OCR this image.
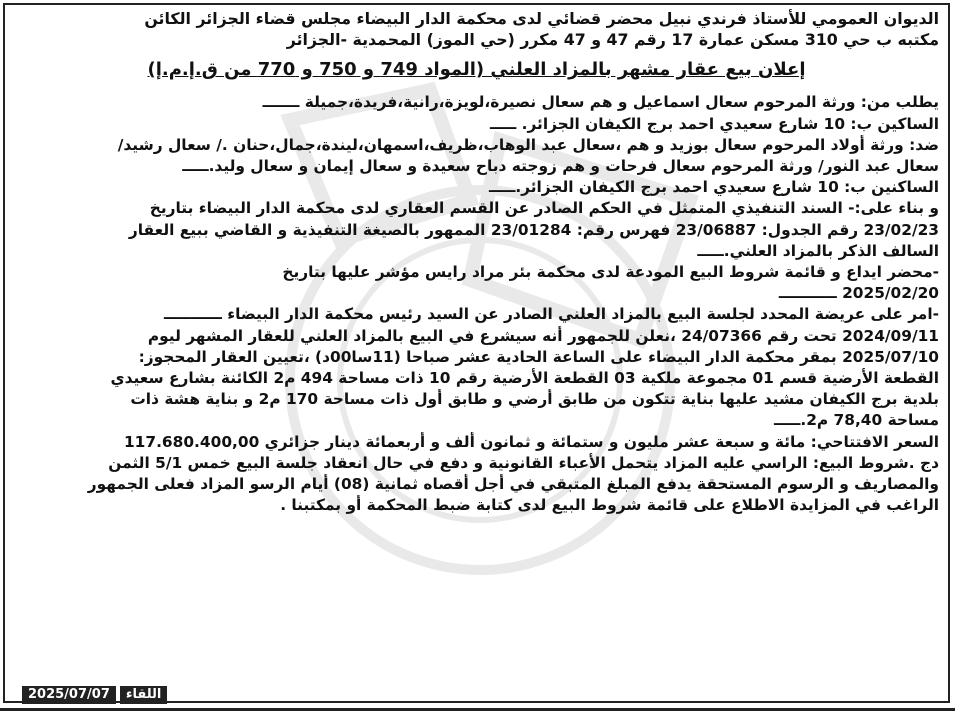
الديوان العمومي للأستاذ فرندي نبيل محضر قضائي لدى محكمة الدار البيضاء مجلس قضاء الجزائر الكائن
مكتبه ب حي 310 مسكن عمارة 17 رقم 47 و 47 مكرر (حي الموز) المحمدية -الجزائر
إعلان بيع عقار مشهر بالمزاد العلني (المواد 749 و 750 و 770 من ق.إ.م.إ)
يطلب من: ورثة المرحوم سعال اسماعيل و هم سعال نصيرة،لويزة،رانية،فريدة،جميلة ـــــــ
الساكين ب: 10 شارع سعيدي احمد برج الكيفان الجزائر. ـــــ
ضد: ورثة أولاد المرحوم سعال بوزيد و هم ،سعال عبد الوهاب،ظريف،اسمهان،ليندة،جمال،حنان ./ سعال رشيد/
سعال عبد النور/ ورثة المرحوم سعال فرحات و هم زوجته دباح سعيدة و سعال إيمان و سعال وليد.ـــــ
الساكنين ب: 10 شارع سعيدي احمد برج الكيفان الجزائر.ـــــ
و بناء على:- السند التنفيذي المتمثل في الحكم الصادر عن القسم العقاري لدى محكمة الدار البيضاء بتاريخ
23/02/23 رقم الجدول: 23/06887 فهرس رقم: 23/01284 الممهور بالصيغة التنفيذية و القاضي ببيع العقار
السالف الذكر بالمزاد العلني.ـــــ
-محضر ايداع و قائمة شروط البيع المودعة لدى محكمة بئر مراد رايس مؤشر عليها بتاريخ
2025/02/20 ـــــــــــ
-امر على عريضة المحدد لجلسة البيع بالمزاد العلني الصادر عن السيد رئيس محكمة الدار البيضاء ـــــــــــ
2024/09/11 تحت رقم 24/07366 ،نعلن للجمهور أنه سيشرع في البيع بالمزاد العلني للعقار المشهر ليوم
2025/07/10 بمقر محكمة الدار البيضاء على الساعة الحادية عشر صباحا (11سا00د) ،تعيين العقار المحجوز:
القطعة الأرضية قسم 01 مجموعة ملكية 03 القطعة الأرضية رقم 10 ذات مساحة 494 م2 الكائنة بشارع سعيدي
بلدية برج الكيفان مشيد عليها بناية تتكون من طابق أرضي و طابق أول ذات مساحة 170 م2 و بناية هشة ذات
مساحة 78,40 م2.ـــــ
السعر الافتتاحي: مائة و سبعة عشر مليون و ستمائة و ثمانون ألف و أربعمائة دينار جزائري 117.680.400,00
دج .شروط البيع: الراسي عليه المزاد يتحمل الأعباء القانونية و دفع في حال انعقاد جلسة البيع خمس 5/1 الثمن
والمصاريف و الرسوم المستحقة يدفع المبلغ المتبقي في أجل أقصاه ثمانية (08) أيام الرسو المزاد فعلى الجمهور
الراغب في المزايدة الاطلاع على قائمة شروط البيع لدى كتابة ضبط المحكمة أو بمكتبنا .
2025/07/07	اللقاء
